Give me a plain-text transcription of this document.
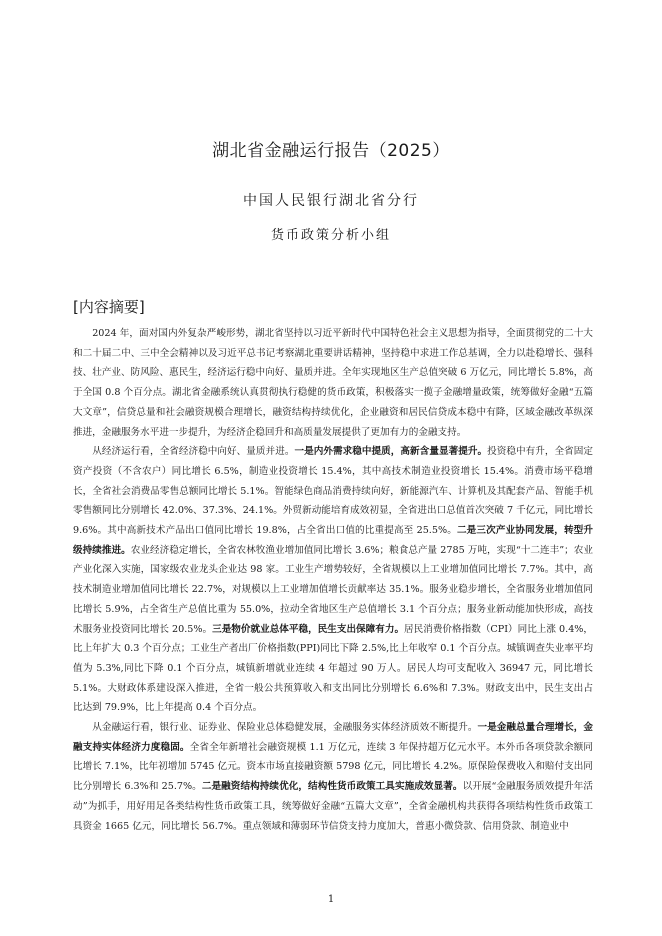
湖北省金融运行报告（2025）
中国人民银行湖北省分行
货币政策分析小组
[内容摘要]

2024 年，面对国内外复杂严峻形势，湖北省坚持以习近平新时代中国特色社会主义思想为指导，全面贯彻党的二十大和二十届二中、三中全会精神以及习近平总书记考察湖北重要讲话精神，坚持稳中求进工作总基调，全力以赴稳增长、强科技、壮产业、防风险、惠民生，经济运行稳中向好、量质并进。全年实现地区生产总值突破 6 万亿元，同比增长 5.8%，高于全国 0.8 个百分点。湖北省金融系统认真贯彻执行稳健的货币政策，积极落实一揽子金融增量政策，统筹做好金融“五篇大文章”，信贷总量和社会融资规模合理增长，融资结构持续优化，企业融资和居民信贷成本稳中有降，区域金融改革纵深推进，金融服务水平进一步提升，为经济企稳回升和高质量发展提供了更加有力的金融支持。

从经济运行看，全省经济稳中向好、量质并进。一是内外需求稳中提质，高新含量显著提升。投资稳中有升，全省固定资产投资（不含农户）同比增长 6.5%，制造业投资增长 15.4%，其中高技术制造业投资增长 15.4%。消费市场平稳增长，全省社会消费品零售总额同比增长 5.1%。智能绿色商品消费持续向好，新能源汽车、计算机及其配套产品、智能手机零售额同比分别增长 42.0%、37.3%、24.1%。外贸新动能培育成效初显，全省进出口总值首次突破 7 千亿元，同比增长 9.6%。其中高新技术产品出口值同比增长 19.8%，占全省出口值的比重提高至 25.5%。二是三次产业协同发展，转型升级持续推进。农业经济稳定增长，全省农林牧渔业增加值同比增长 3.6%；粮食总产量 2785 万吨，实现“十二连丰”；农业产业化深入实施，国家级农业龙头企业达 98 家。工业生产增势较好，全省规模以上工业增加值同比增长 7.7%。其中，高技术制造业增加值同比增长 22.7%，对规模以上工业增加值增长贡献率达 35.1%。服务业稳步增长，全省服务业增加值同比增长 5.9%，占全省生产总值比重为 55.0%，拉动全省地区生产总值增长 3.1 个百分点；服务业新动能加快形成，高技术服务业投资同比增长 20.5%。三是物价就业总体平稳，民生支出保障有力。居民消费价格指数（CPI）同比上涨 0.4%，比上年扩大 0.3 个百分点；工业生产者出厂价格指数(PPI)同比下降 2.5%,比上年收窄 0.1 个百分点。城镇调查失业率平均值为 5.3%,同比下降 0.1 个百分点，城镇新增就业连续 4 年超过 90 万人。居民人均可支配收入 36947 元，同比增长 5.1%。大财政体系建设深入推进，全省一般公共预算收入和支出同比分别增长 6.6%和 7.3%。财政支出中，民生支出占比达到 79.9%，比上年提高 0.4 个百分点。

从金融运行看，银行业、证券业、保险业总体稳健发展，金融服务实体经济质效不断提升。一是金融总量合理增长，金融支持实体经济力度稳固。全省全年新增社会融资规模 1.1 万亿元，连续 3 年保持超万亿元水平。本外币各项贷款余额同比增长 7.1%，比年初增加 5745 亿元。资本市场直接融资额 5798 亿元，同比增长 4.2%。原保险保费收入和赔付支出同比分别增长 6.3%和 25.7%。二是融资结构持续优化，结构性货币政策工具实施成效显著。以开展“金融服务质效提升年活动”为抓手，用好用足各类结构性货币政策工具，统筹做好金融“五篇大文章”，全省金融机构共获得各项结构性货币政策工具资金 1665 亿元，同比增长 56.7%。重点领域和薄弱环节信贷支持力度加大，普惠小微贷款、信用贷款、制造业中

1
